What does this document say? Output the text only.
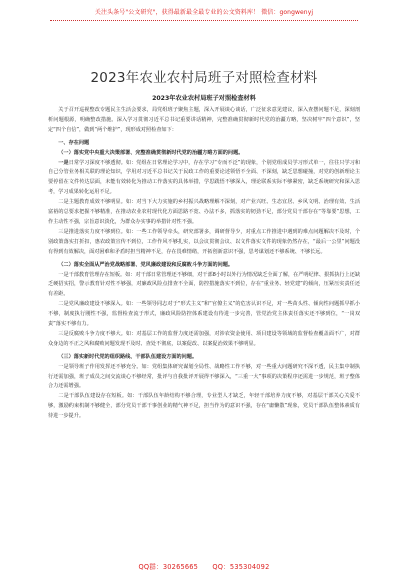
关注头条号"公文研究"，获得最新最全最专业的公文资料库！ 微信：gongwenyj
2023年农业农村局班子对照检查材料
2023年农业农村局班子对照检查材料

关于召开巡视整改专题民主生活会要求，局党组班子聚焦主题，深入开展谈心谈话，广泛征求意见建议，深入查摆问题不足，深刻剖析问题根源，明确整改措施。深入学习贯彻习近平总书记重要讲话精神，完整准确贯彻新时代党的治疆方略，坚决树牢“四个意识”，坚定“四个自信”，做到“两个维护”，现形成对照检查如下：

一、存在问题

（一）落实党中央重大决策部署、完整准确贯彻新时代党的治疆方略方面的问题。

一是日常学习深度不够透彻。如：党组在日常理论学习中，存在学习“专而不泛”的现象，个别党组成员学习形式单一，往往只学习和自己分管业务相关联的理论知识，学用对习近平总书记关于民政工作的重要论述领悟不全面、不深刻，缺乏思想碰撞，对党的创新理论主要停留在文件传达层面，未能有效转化为推动工作落实的具体举措，学思践悟不够深入，理论联系实际不够紧密，缺乏系统研究和深入思考，学习成果转化运用不足。

二是主题教育成效不够明显。如：对当下大力实施的乡村振兴战略理解不深刻，对产业兴旺、生态宜居、乡风文明、治理有效、生活富裕的总要求把握不够精准，在推动农业农村现代化方面思路不宽、办法不多，抓落实的韧劲不足，部分党员干部存在“等靠要”思想，工作主动性不强，宗旨意识淡化，为群众办实事的举措针对性不强。

三是推进落实力度不够到位。如：一些工作领导牵头，研究部署多，调研督导少，对重点工作推进中遇到的难点问题解决不及时，个别政策落实打折扣，惠农政策宣传不到位，工作作风不够扎实，以会议贯彻会议、以文件落实文件的现象仍然存在，“最后一公里”问题没有得到有效解决，面对困难和矛盾时担当精神不足，存在畏难情绪，开拓创新意识不强，思考谋划还不够系统、不够长远。

（二）落实全面从严治党战略部署、党风廉政建设和反腐败斗争方面的问题。

一是干部教育管理存在短板。如：对干部日常管理还不够细，对干部8小时以外行为情况缺乏全面了解，在严明纪律、狠抓执行上还缺乏硬招实招，警示教育针对性不够强，对廉政风险点排查不全面，防控措施落实不到位，存在“重业务、轻党建”的倾向，压紧压实责任还有差距。

二是党风廉政建设不够深入。如：一些领导同志对于“形式主义”和“官僚主义”的危害认识不足，对一些苗头性、倾向性问题抓早抓小不够，制度执行刚性不强，监督检查流于形式，廉政风险防控体系建设有待进一步完善，管党治党主体责任落实还不够到位，“一岗双责”落实不够有力。

三是反腐败斗争力度不够大。如：对基层工作的监督力度还需加强，对涉农资金使用、项目建设等领域的监督检查覆盖面不广，对群众身边的不正之风和腐败问题发现不及时、查处不彻底，以案促改、以案促治效果不够明显。

（三）落实新时代党的组织路线、干部队伍建设方面的问题。

一是领导班子作用发挥还不够充分。如：党组集体研究谋划全局性、战略性工作不够，对一些重大问题研究不深不透，民主集中制执行还需加强，班子成员之间交流谈心不够经常，批评与自我批评开展得不够深入，“三重一大”事项的决策程序还需进一步规范，班子整体合力还需增强。

二是干部队伍建设存在短板。如：干部队伍年龄结构不够合理，专业型人才缺乏，年轻干部培养力度不够，对基层干部关心关爱不够，激励约束机制不够健全，部分党员干部干事创业的精气神不足，担当作为的意识不强，存在“庸懒散”现象，党员干部队伍整体素质有待进一步提升。

QQ群：30265665 QQ：535304092
